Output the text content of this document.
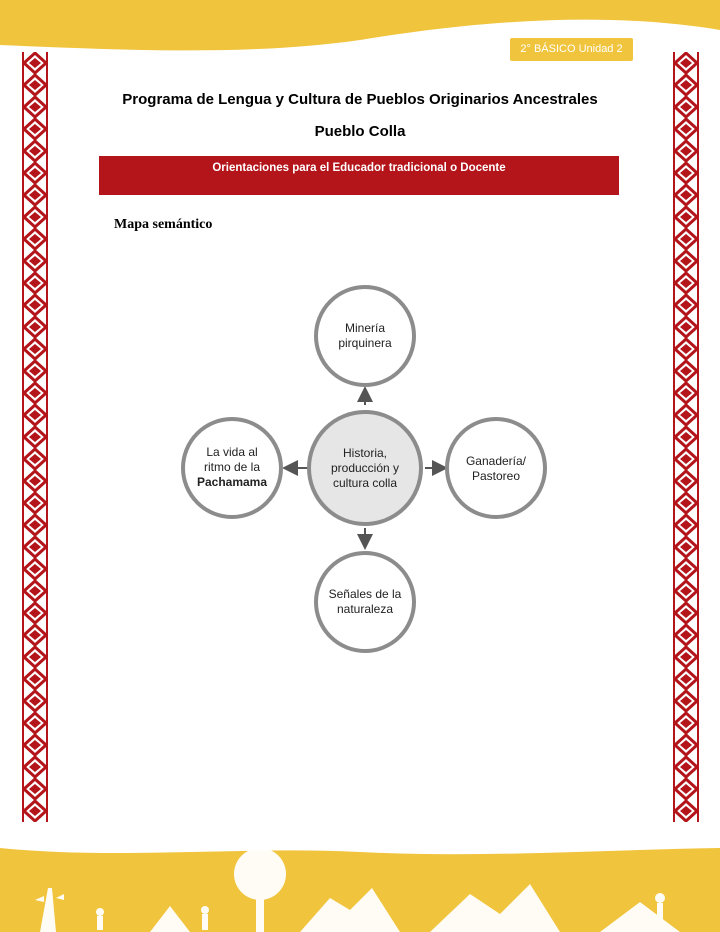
2° BÁSICO Unidad 2
Programa de Lengua y Cultura de Pueblos Originarios Ancestrales
Pueblo Colla
Orientaciones para el Educador tradicional o Docente
Mapa semántico
Minería
pirquinera
La vida al
ritmo de la
Pachamama
Historia,
producción y
cultura colla
Ganadería/
Pastoreo
Señales de la
naturaleza
